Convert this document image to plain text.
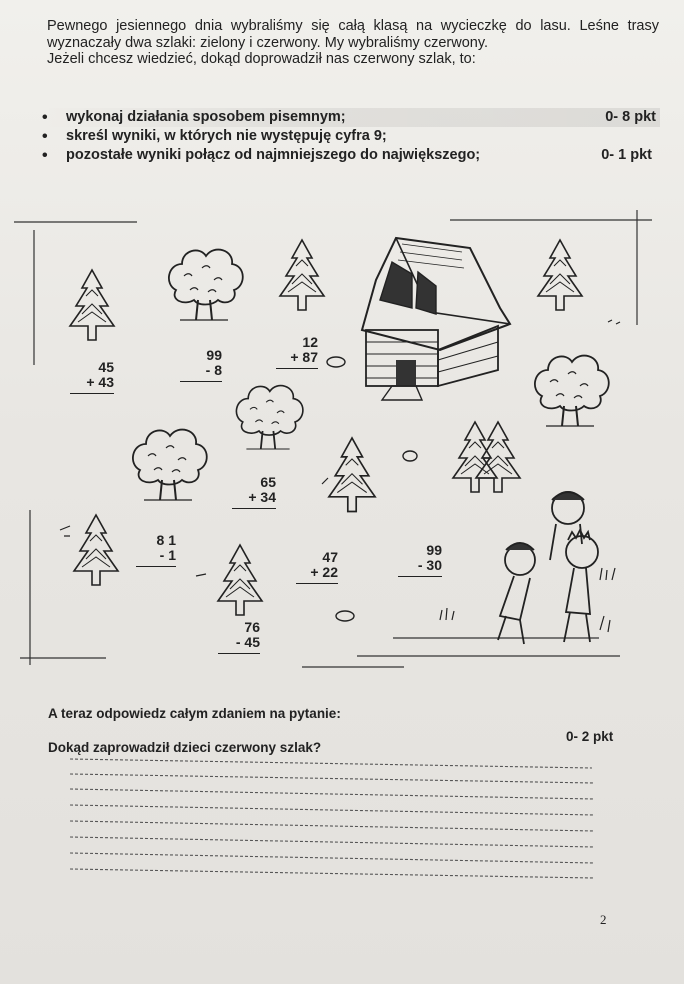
Pewnego jesiennego dnia wybraliśmy się całą klasą na wycieczkę do lasu. Leśne trasy wyznaczały dwa szlaki: zielony i czerwony. My wybraliśmy czerwony.

Jeżeli chcesz wiedzieć, dokąd doprowadził nas czerwony szlak, to:

• wykonaj działania sposobem pisemnym;	0- 8 pkt
• skreśl wyniki, w których nie występuję cyfra 9;
• pozostałe wyniki połącz od najmniejszego do największego;	0- 1 pkt
45
+ 43
99
- 8
12
+ 87
65
+ 34
8 1
- 1	47
+ 22
99
- 30
76
- 45
A teraz odpowiedz całym zdaniem na pytanie:
0- 2 pkt
Dokąd zaprowadził dzieci czerwony szlak?
2
